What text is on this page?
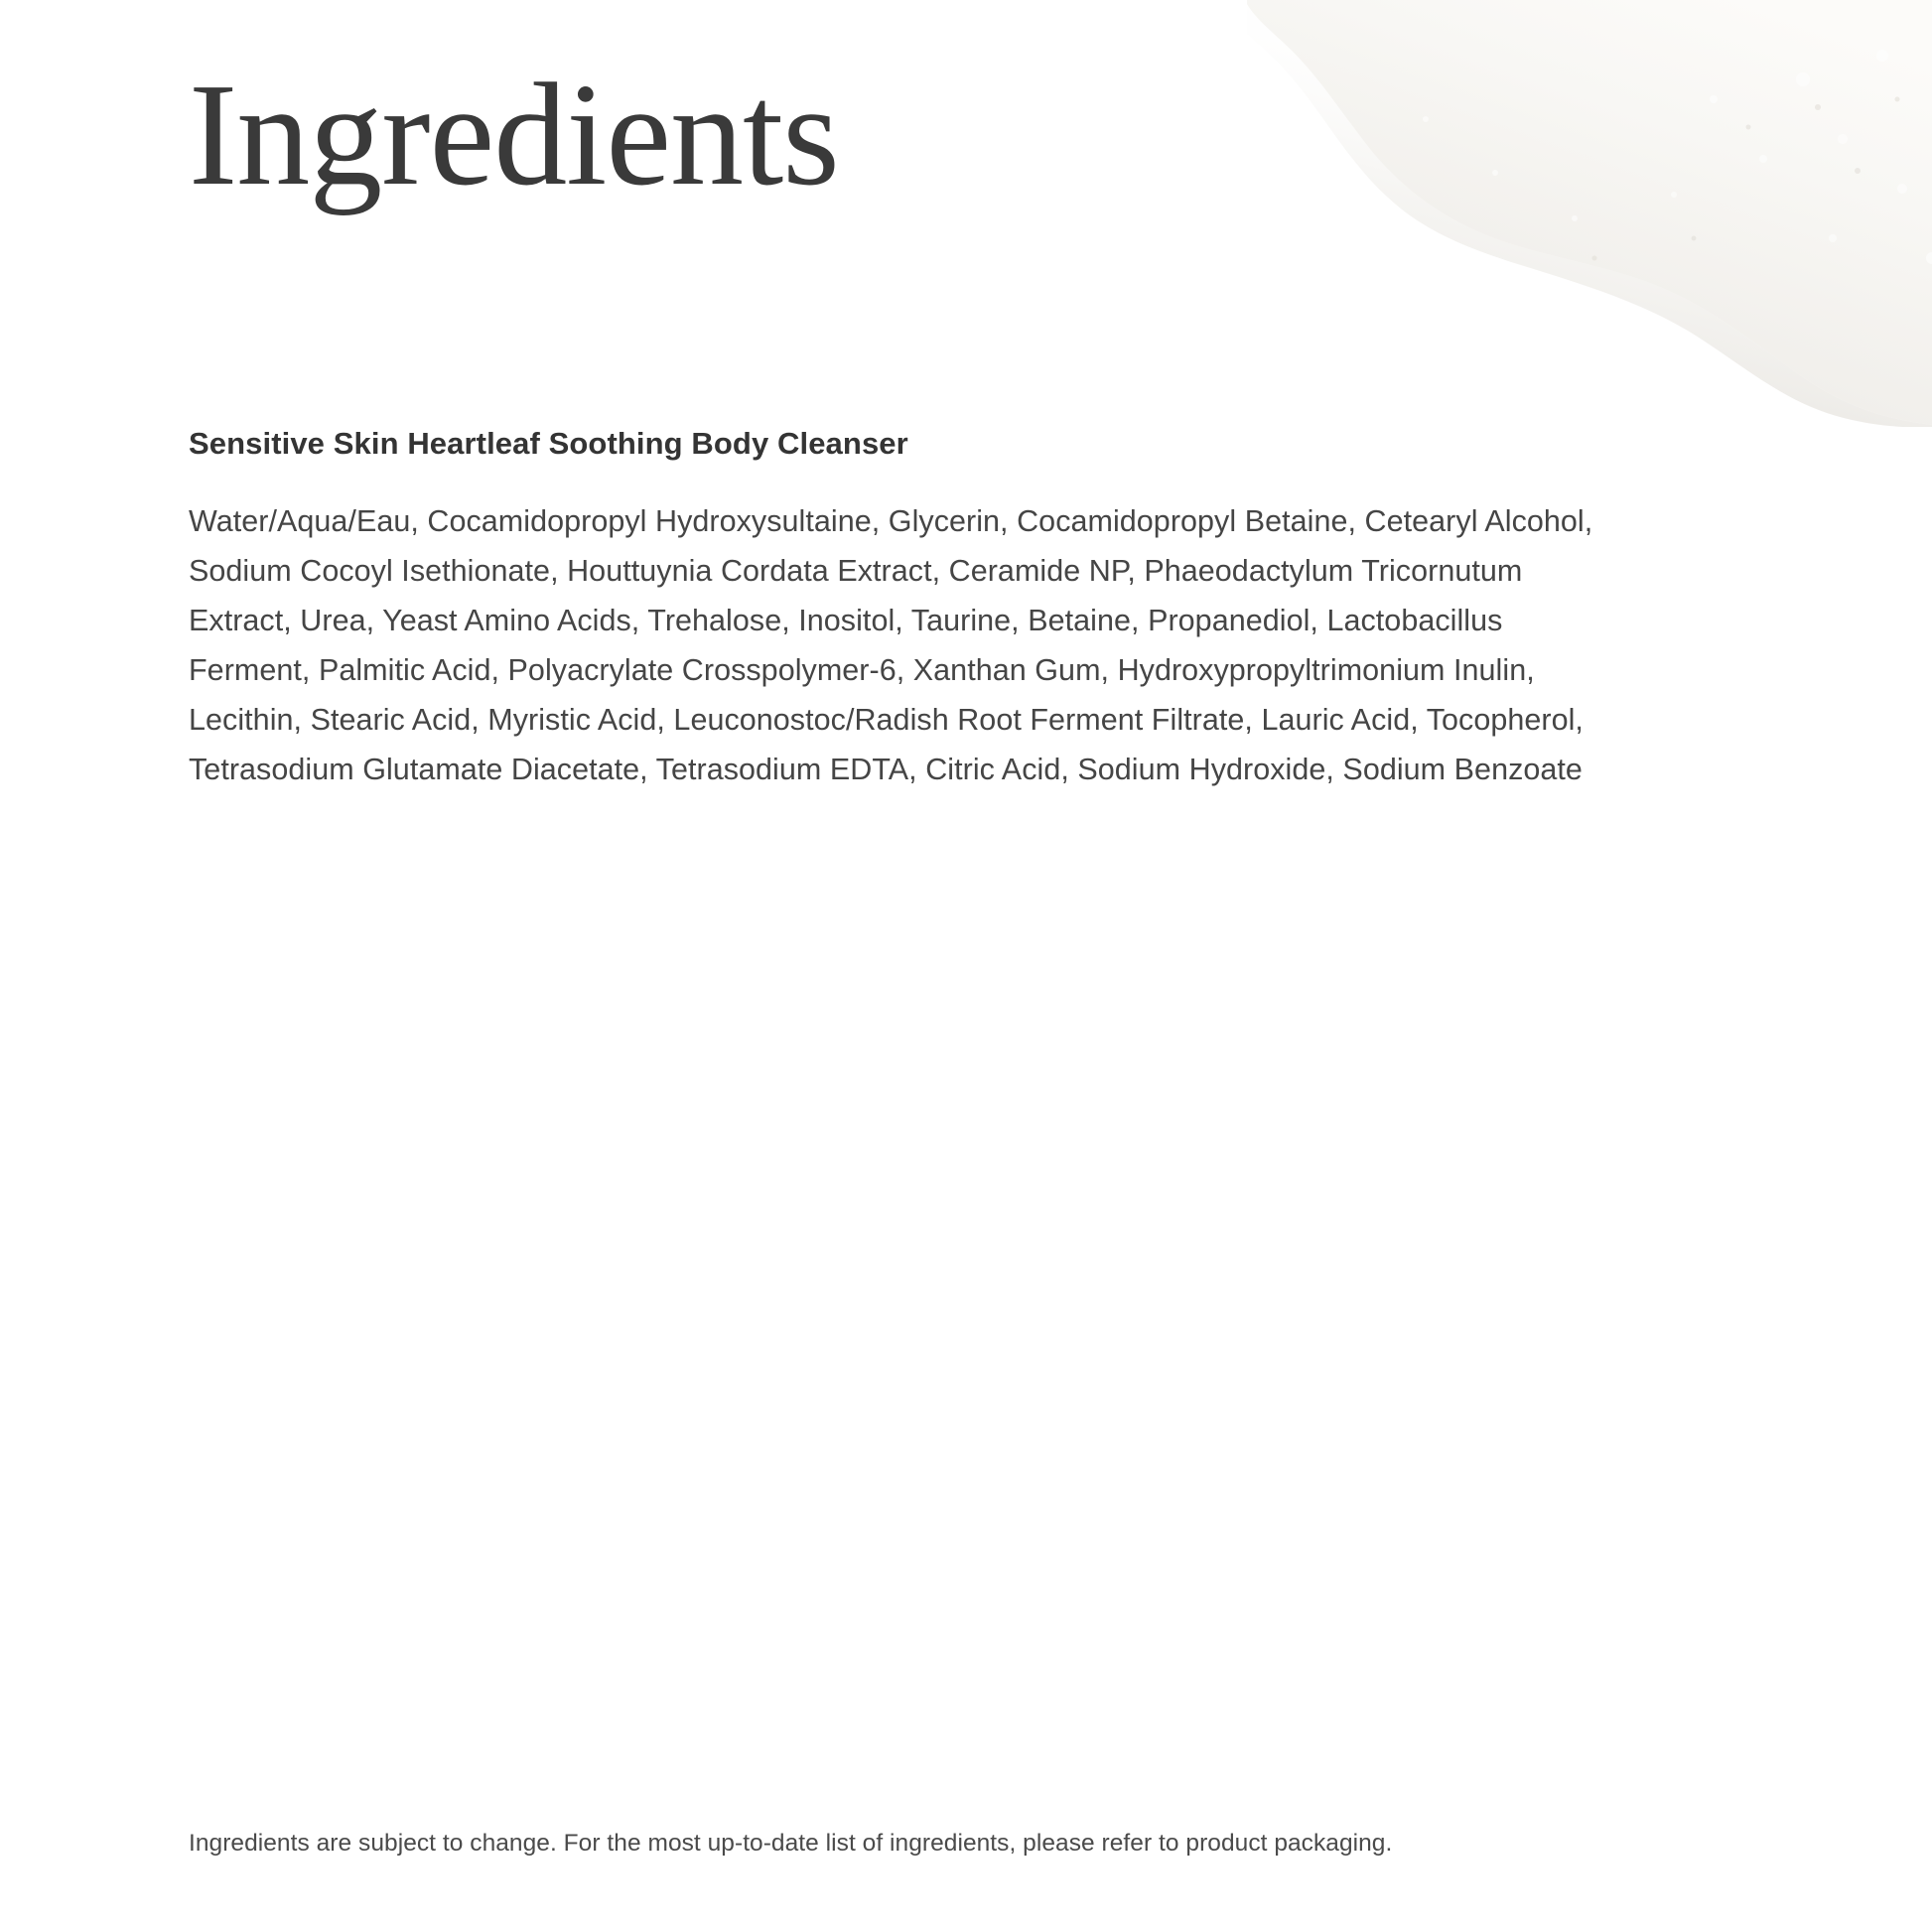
Ingredients
Sensitive Skin Heartleaf Soothing Body Cleanser

Water/Aqua/Eau, Cocamidopropyl Hydroxysultaine, Glycerin, Cocamidopropyl Betaine, Cetearyl Alcohol, Sodium Cocoyl Isethionate, Houttuynia Cordata Extract, Ceramide NP, Phaeodactylum Tricornutum Extract, Urea, Yeast Amino Acids, Trehalose, Inositol, Taurine, Betaine, Propanediol, Lactobacillus Ferment, Palmitic Acid, Polyacrylate Crosspolymer-6, Xanthan Gum, Hydroxypropyltrimonium Inulin, Lecithin, Stearic Acid, Myristic Acid, Leuconostoc/Radish Root Ferment Filtrate, Lauric Acid, Tocopherol, Tetrasodium Glutamate Diacetate, Tetrasodium EDTA, Citric Acid, Sodium Hydroxide, Sodium Benzoate

Ingredients are subject to change. For the most up-to-date list of ingredients, please refer to product packaging.
